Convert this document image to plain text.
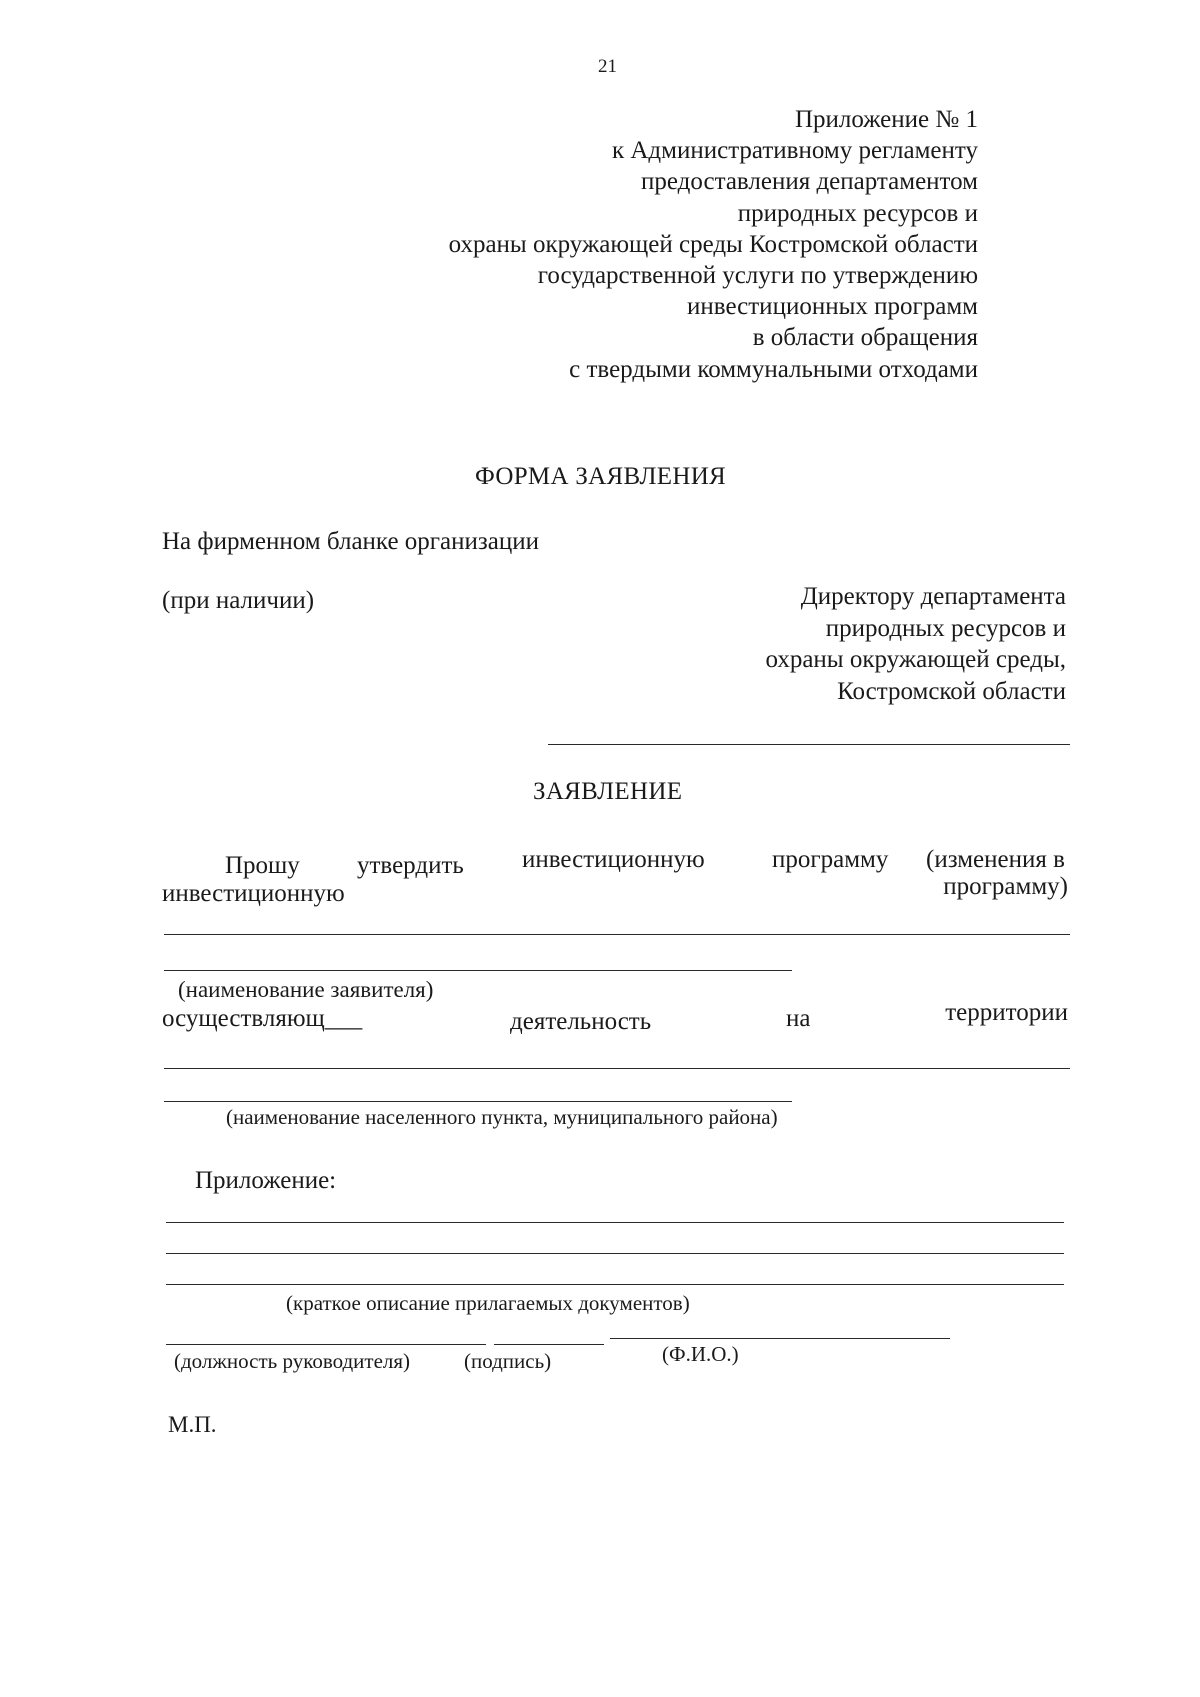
21
Приложение № 1
к Административному регламенту
предоставления департаментом
природных ресурсов и
охраны окружающей среды Костромской области
государственной услуги по утверждению
инвестиционных программ
в области обращения
с твердыми коммунальными отходами
ФОРМА ЗАЯВЛЕНИЯ
На фирменном бланке организации
(при наличии)	Директору департамента
природных ресурсов и
охраны окружающей среды,
Костромской области
ЗАЯВЛЕНИЕ
Прошу утвердить инвестиционную	программу (изменения в
инвестиционную	программу)
(наименование заявителя)
осуществляющ___	деятельность	на	территории
(наименование населенного пункта, муниципального района)
Приложение:
(краткое описание прилагаемых документов)
(должность руководителя)	(подпись)	(Ф.И.О.)
М.П.
